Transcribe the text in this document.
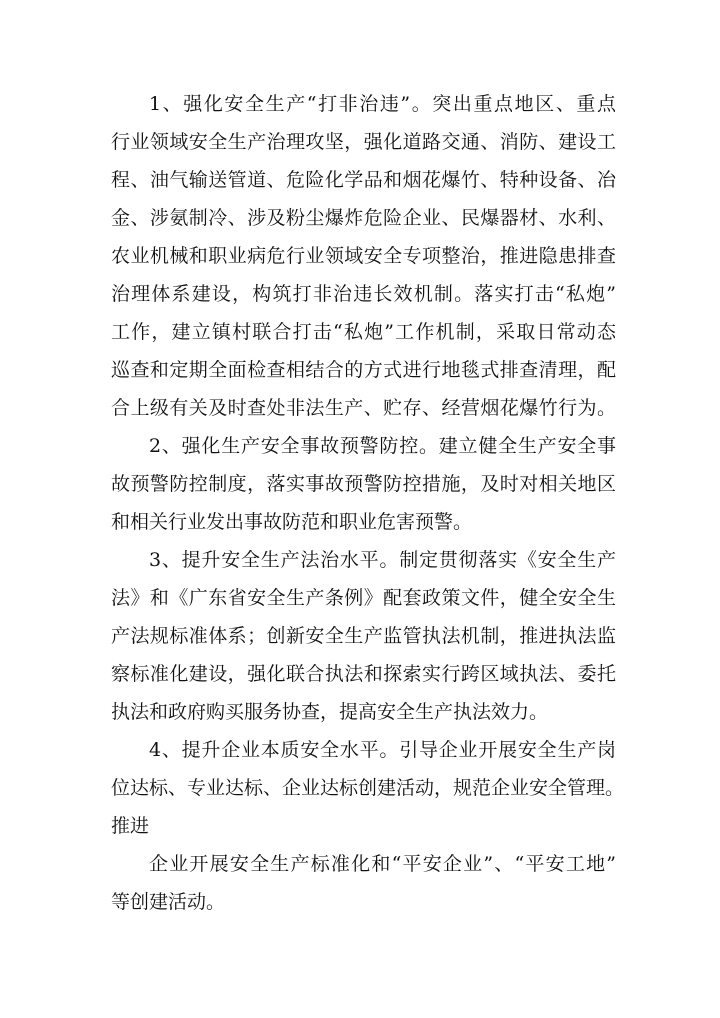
1、强化安全生产“打非治违”。突出重点地区、重点
行业领域安全生产治理攻坚，强化道路交通、消防、建设工
程、油气输送管道、危险化学品和烟花爆竹、特种设备、冶
金、涉氨制冷、涉及粉尘爆炸危险企业、民爆器材、水利、
农业机械和职业病危行业领域安全专项整治，推进隐患排查
治理体系建设，构筑打非治违长效机制。落实打击“私炮”
工作，建立镇村联合打击“私炮”工作机制，采取日常动态
巡查和定期全面检查相结合的方式进行地毯式排查清理，配
合上级有关及时查处非法生产、贮存、经营烟花爆竹行为。
2、强化生产安全事故预警防控。建立健全生产安全事
故预警防控制度，落实事故预警防控措施，及时对相关地区
和相关行业发出事故防范和职业危害预警。
3、提升安全生产法治水平。制定贯彻落实《安全生产
法》和《广东省安全生产条例》配套政策文件，健全安全生
产法规标准体系；创新安全生产监管执法机制，推进执法监
察标准化建设，强化联合执法和探索实行跨区域执法、委托
执法和政府购买服务协查，提高安全生产执法效力。
4、提升企业本质安全水平。引导企业开展安全生产岗
位达标、专业达标、企业达标创建活动，规范企业安全管理。
推进
企业开展安全生产标准化和“平安企业”、“平安工地”
等创建活动。
